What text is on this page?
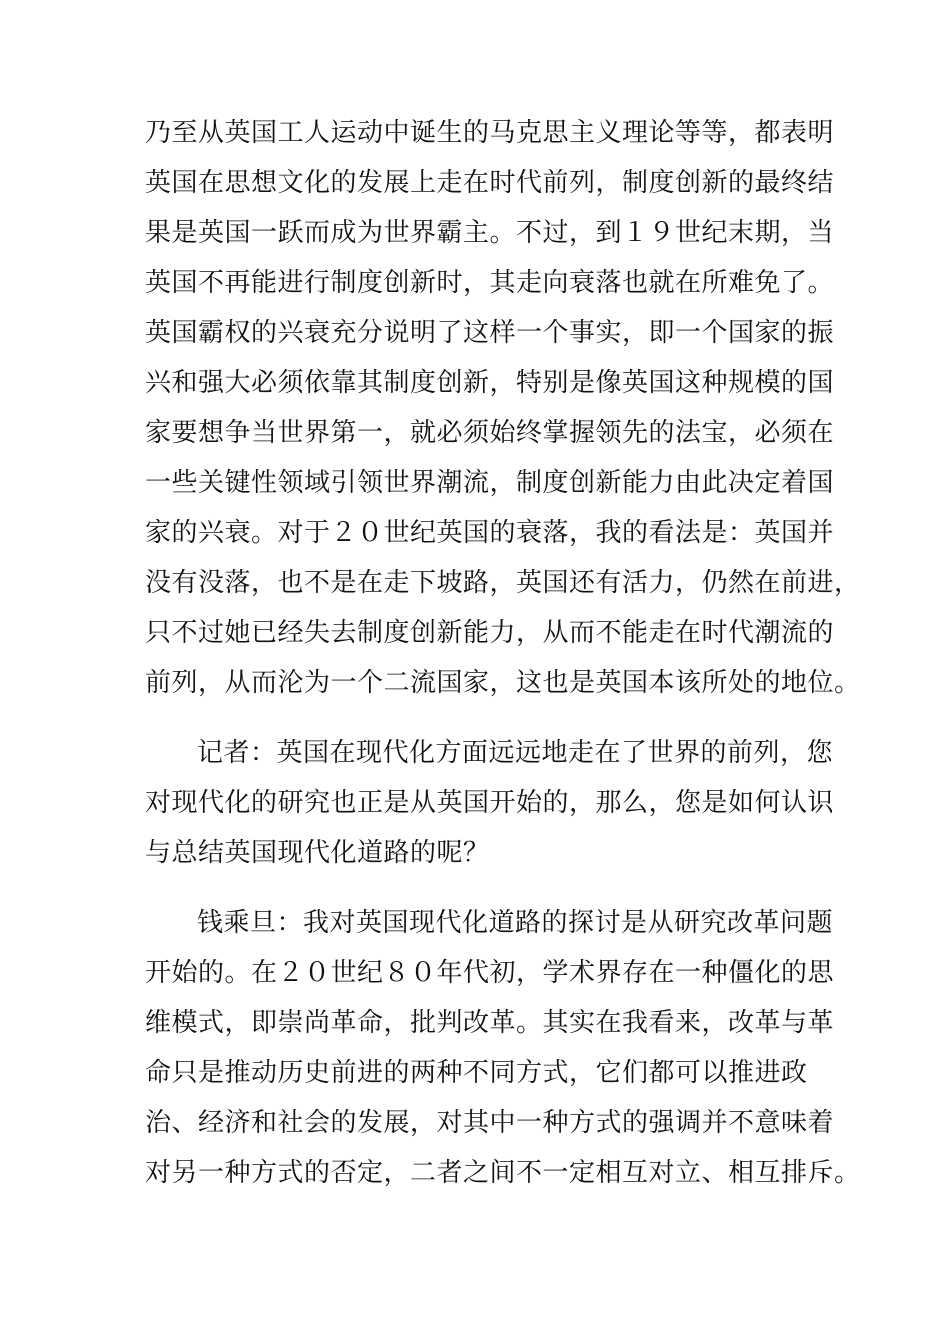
乃至从英国工人运动中诞生的马克思主义理论等等，都表明
英国在思想文化的发展上走在时代前列，制度创新的最终结
果是英国一跃而成为世界霸主。不过，到１９世纪末期，当
英国不再能进行制度创新时，其走向衰落也就在所难免了。
英国霸权的兴衰充分说明了这样一个事实，即一个国家的振
兴和强大必须依靠其制度创新，特别是像英国这种规模的国
家要想争当世界第一，就必须始终掌握领先的法宝，必须在
一些关键性领域引领世界潮流，制度创新能力由此决定着国
家的兴衰。对于２０世纪英国的衰落，我的看法是：英国并
没有没落，也不是在走下坡路，英国还有活力，仍然在前进，
只不过她已经失去制度创新能力，从而不能走在时代潮流的
前列，从而沦为一个二流国家，这也是英国本该所处的地位。
记者：英国在现代化方面远远地走在了世界的前列，您
对现代化的研究也正是从英国开始的，那么，您是如何认识
与总结英国现代化道路的呢？
钱乘旦：我对英国现代化道路的探讨是从研究改革问题
开始的。在２０世纪８０年代初，学术界存在一种僵化的思
维模式，即崇尚革命，批判改革。其实在我看来，改革与革
命只是推动历史前进的两种不同方式，它们都可以推进政
治、经济和社会的发展，对其中一种方式的强调并不意味着
对另一种方式的否定，二者之间不一定相互对立、相互排斥。
